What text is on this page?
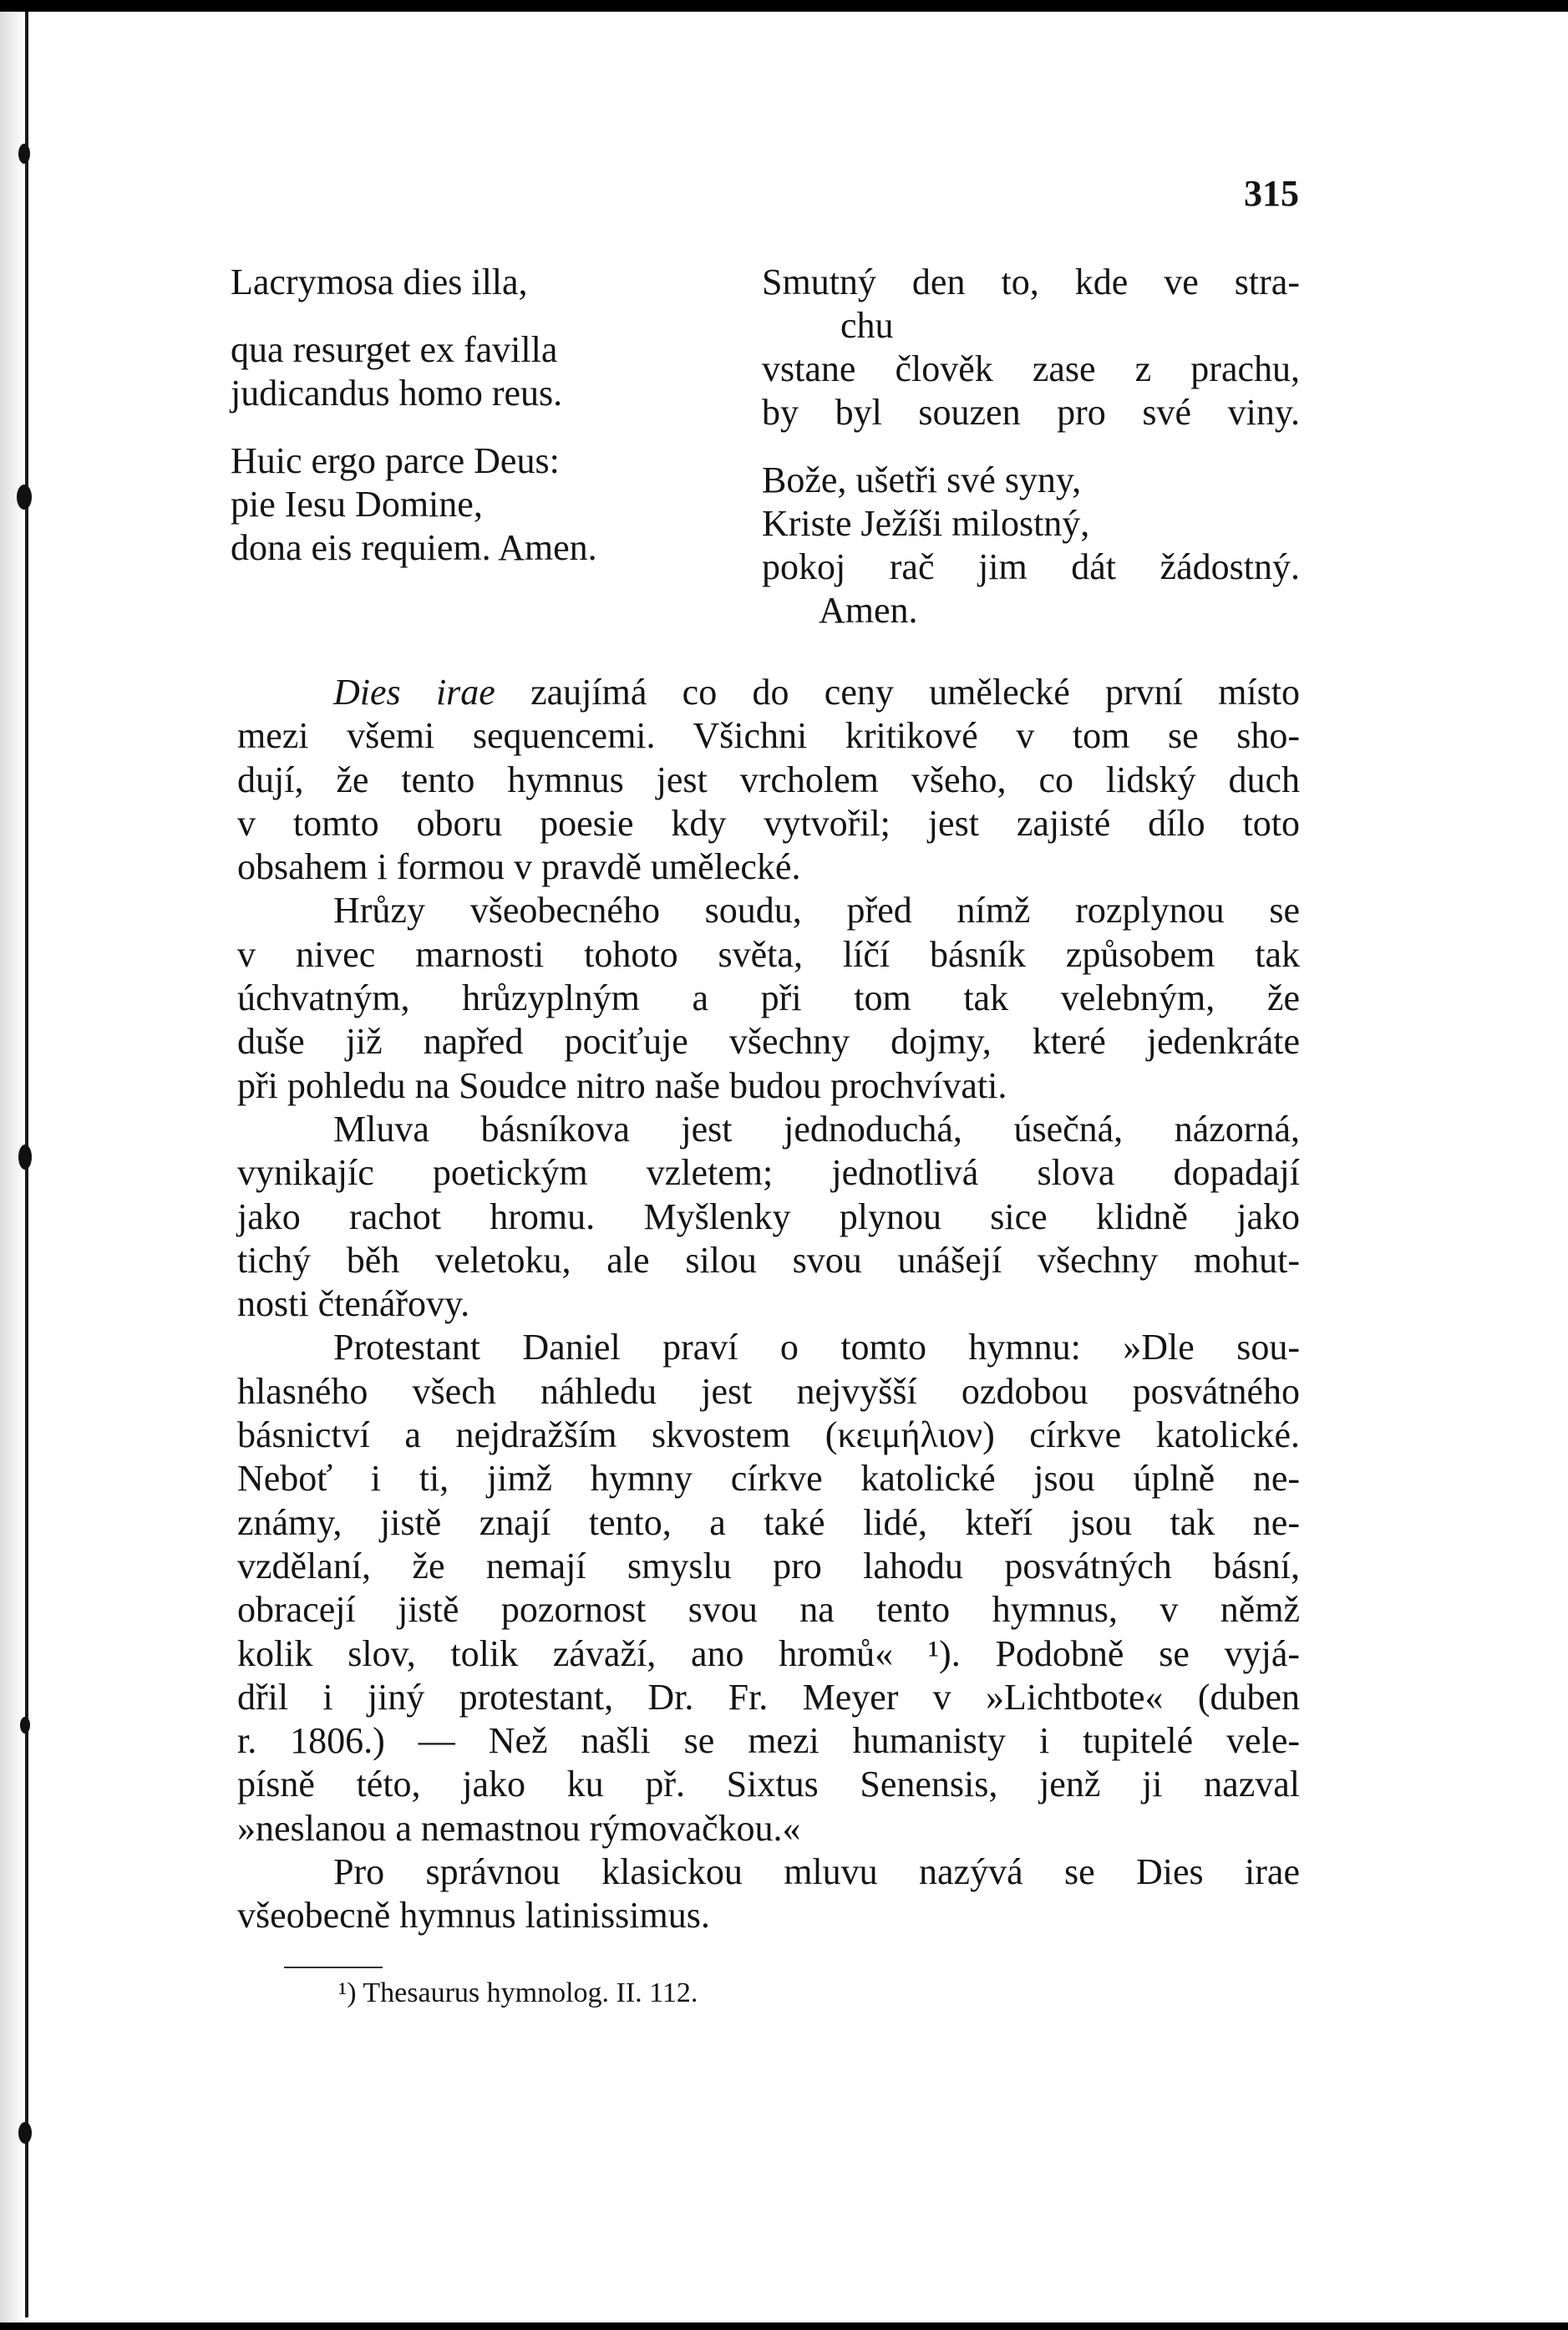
315
Lacrymosa dies illa,
qua resurget ex favilla
judicandus homo reus.
Huic ergo parce Deus:
pie Iesu Domine,
dona eis requiem. Amen.
Smutný den to, kde ve stra-
chu
vstane člověk zase z prachu,
by byl souzen pro své viny.
Bože, ušetři své syny,
Kriste Ježíši milostný,
pokoj rač jim dát žádostný.
Amen.
Dies irae zaujímá co do ceny umělecké první místo
mezi všemi sequencemi. Všichni kritikové v tom se sho-
dují, že tento hymnus jest vrcholem všeho, co lidský duch
v tomto oboru poesie kdy vytvořil; jest zajisté dílo toto
obsahem i formou v pravdě umělecké.
Hrůzy všeobecného soudu, před nímž rozplynou se
v nivec marnosti tohoto světa, líčí básník způsobem tak
úchvatným, hrůzyplným a při tom tak velebným, že
duše již napřed pociťuje všechny dojmy, které jedenkráte
při pohledu na Soudce nitro naše budou prochvívati.
Mluva básníkova jest jednoduchá, úsečná, názorná,
vynikajíc poetickým vzletem; jednotlivá slova dopadají
jako rachot hromu. Myšlenky plynou sice klidně jako
tichý běh veletoku, ale silou svou unášejí všechny mohut-
nosti čtenářovy.
Protestant Daniel praví o tomto hymnu: »Dle sou-
hlasného všech náhledu jest nejvyšší ozdobou posvátného
básnictví a nejdražším skvostem (κειμήλιον) církve katolické.
Neboť i ti, jimž hymny církve katolické jsou úplně ne-
známy, jistě znají tento, a také lidé, kteří jsou tak ne-
vzdělaní, že nemají smyslu pro lahodu posvátných básní,
obracejí jistě pozornost svou na tento hymnus, v němž
kolik slov, tolik závaží, ano hromů« ¹). Podobně se vyjá-
dřil i jiný protestant, Dr. Fr. Meyer v »Lichtbote« (duben
r. 1806.) — Než našli se mezi humanisty i tupitelé vele-
písně této, jako ku př. Sixtus Senensis, jenž ji nazval
»neslanou a nemastnou rýmovačkou.«
Pro správnou klasickou mluvu nazývá se Dies irae
všeobecně hymnus latinissimus.
¹) Thesaurus hymnolog. II. 112.
